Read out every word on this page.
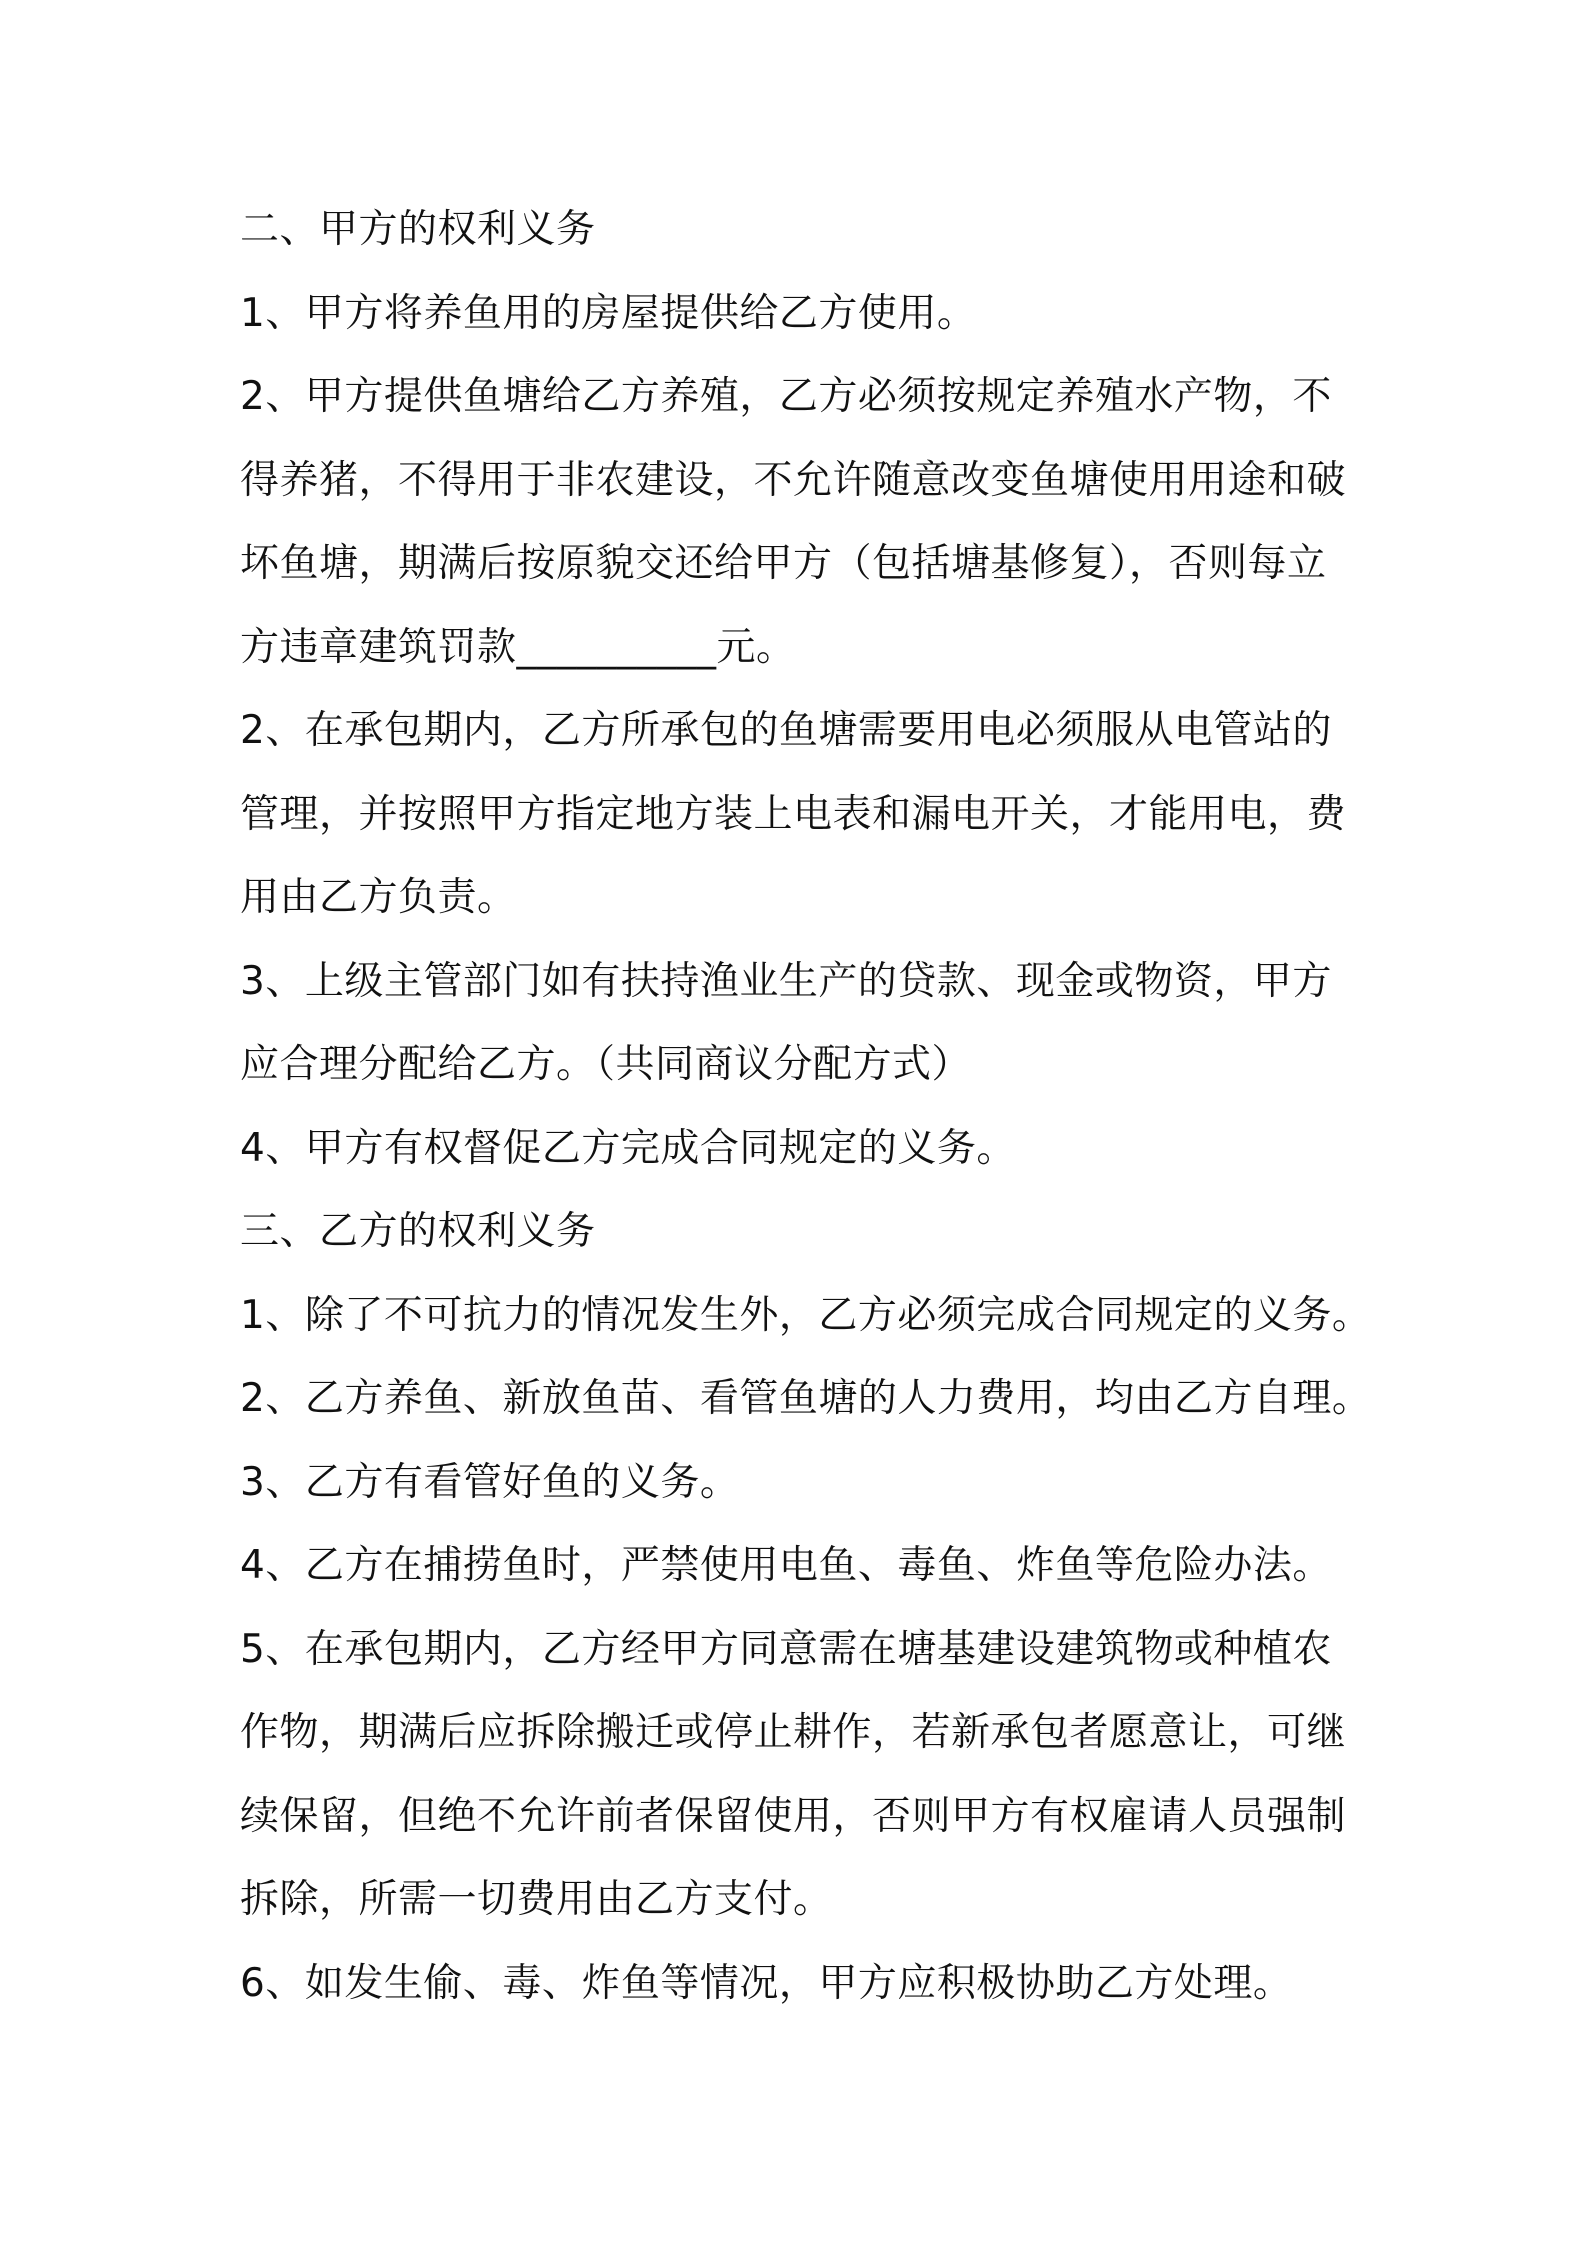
二、甲方的权利义务
1、甲方将养鱼用的房屋提供给乙方使用。
2、甲方提供鱼塘给乙方养殖，乙方必须按规定养殖水产物，不
得养猪，不得用于非农建设，不允许随意改变鱼塘使用用途和破
坏鱼塘，期满后按原貌交还给甲方（包括塘基修复），否则每立
方违章建筑罚款__________元。
2、在承包期内，乙方所承包的鱼塘需要用电必须服从电管站的
管理，并按照甲方指定地方装上电表和漏电开关，才能用电，费
用由乙方负责。
3、上级主管部门如有扶持渔业生产的贷款、现金或物资，甲方
应合理分配给乙方。（共同商议分配方式）
4、甲方有权督促乙方完成合同规定的义务。
三、乙方的权利义务
1、除了不可抗力的情况发生外，乙方必须完成合同规定的义务。
2、乙方养鱼、新放鱼苗、看管鱼塘的人力费用，均由乙方自理。
3、乙方有看管好鱼的义务。
4、乙方在捕捞鱼时，严禁使用电鱼、毒鱼、炸鱼等危险办法。
5、在承包期内，乙方经甲方同意需在塘基建设建筑物或种植农
作物，期满后应拆除搬迁或停止耕作，若新承包者愿意让，可继
续保留，但绝不允许前者保留使用，否则甲方有权雇请人员强制
拆除，所需一切费用由乙方支付。
6、如发生偷、毒、炸鱼等情况，甲方应积极协助乙方处理。
